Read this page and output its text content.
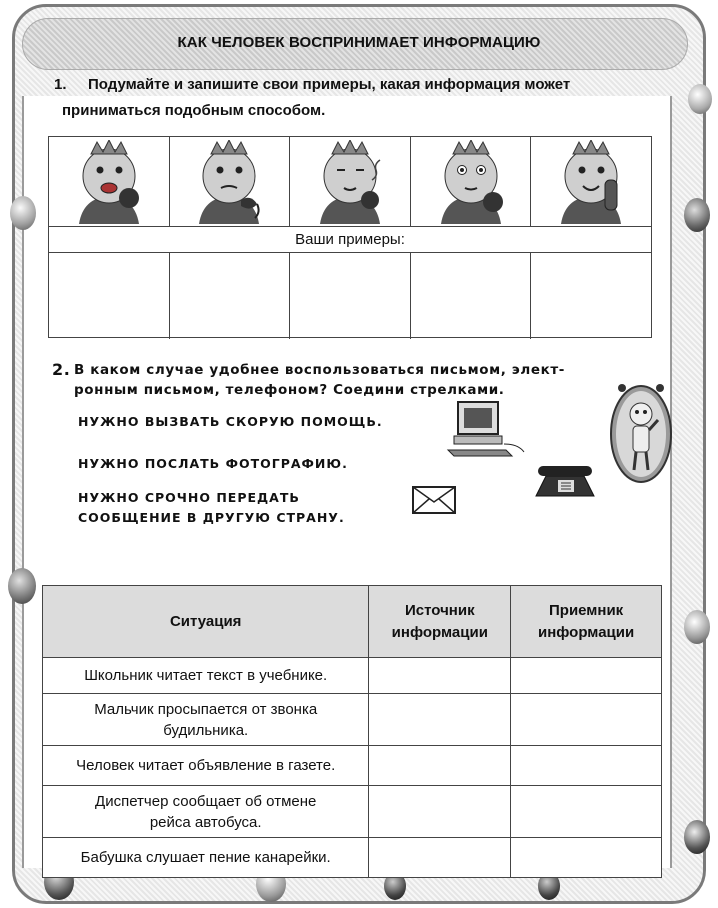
КАК ЧЕЛОВЕК ВОСПРИНИМАЕТ ИНФОРМАЦИЮ
1. Подумайте и запишите свои примеры, какая информация может
приниматься подобным способом.
Ваши примеры:
2. В каком случае удобнее воспользоваться письмом, элект-
ронным письмом, телефоном? Соедини стрелками.
НУЖНО ВЫЗВАТЬ СКОРУЮ ПОМОЩЬ.
НУЖНО ПОСЛАТЬ ФОТОГРАФИЮ.
НУЖНО СРОЧНО ПЕРЕДАТЬ
СООБЩЕНИЕ В ДРУГУЮ СТРАНУ.
Ситуация	Источник информации	Приемник информации
Школьник читает текст в учебнике.		
Мальчик просыпается от звонка будильника.		
Человек читает объявление в газете.		
Диспетчер сообщает об отмене рейса автобуса.		
Бабушка слушает пение канарейки.		
